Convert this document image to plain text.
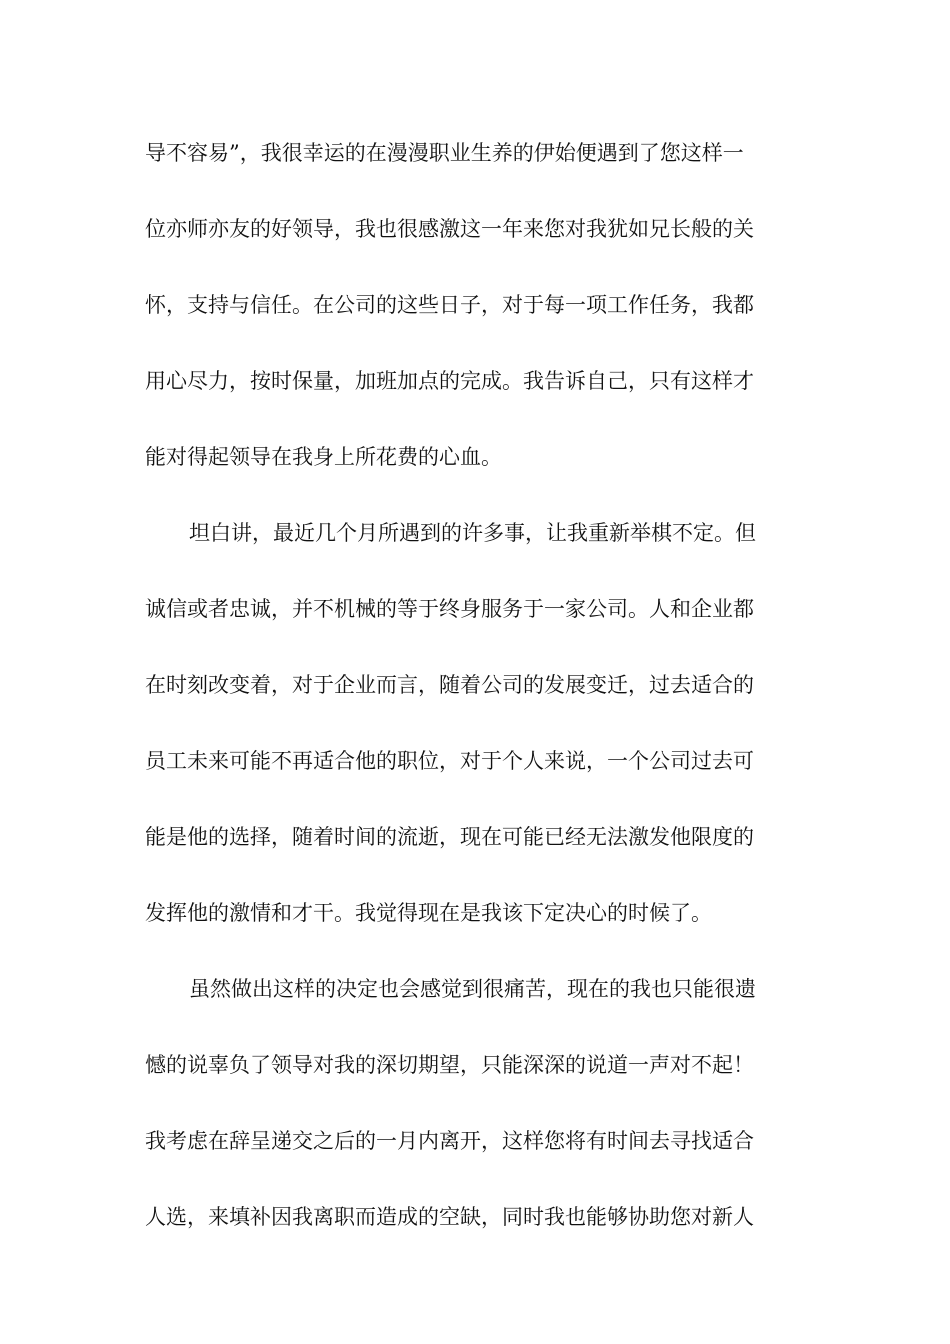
导不容易”，我很幸运的在漫漫职业生养的伊始便遇到了您这样一
位亦师亦友的好领导，我也很感激这一年来您对我犹如兄长般的关
怀，支持与信任。在公司的这些日子，对于每一项工作任务，我都
用心尽力，按时保量，加班加点的完成。我告诉自己，只有这样才
能对得起领导在我身上所花费的心血。
坦白讲，最近几个月所遇到的许多事，让我重新举棋不定。但
诚信或者忠诚，并不机械的等于终身服务于一家公司。人和企业都
在时刻改变着，对于企业而言，随着公司的发展变迁，过去适合的
员工未来可能不再适合他的职位，对于个人来说，一个公司过去可
能是他的选择，随着时间的流逝，现在可能已经无法激发他限度的
发挥他的激情和才干。我觉得现在是我该下定决心的时候了。
虽然做出这样的决定也会感觉到很痛苦，现在的我也只能很遗
憾的说辜负了领导对我的深切期望，只能深深的说道一声对不起！
我考虑在辞呈递交之后的一月内离开，这样您将有时间去寻找适合
人选，来填补因我离职而造成的空缺，同时我也能够协助您对新人
